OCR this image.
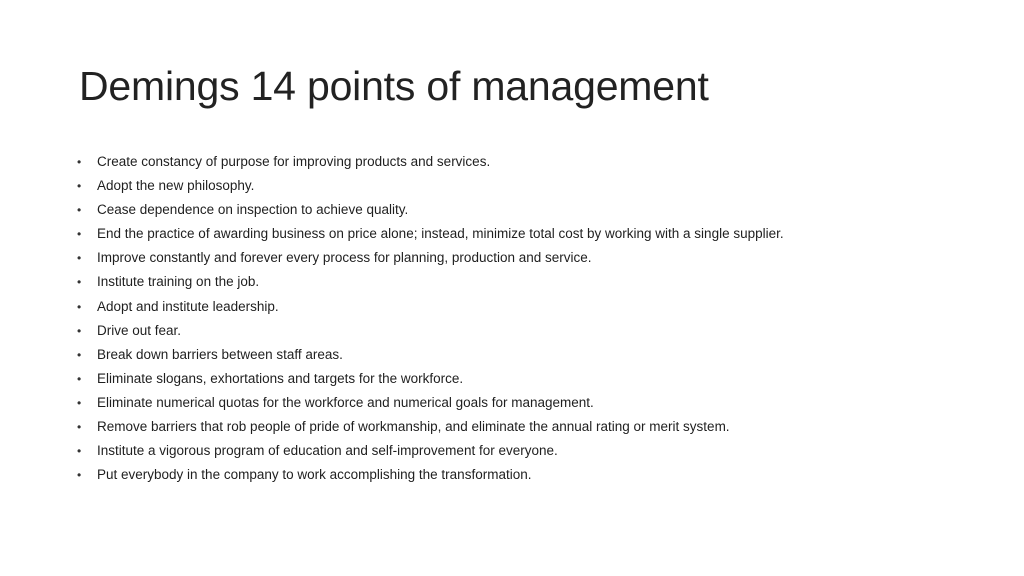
Demings 14 points of management
•	Create constancy of purpose for improving products and services.
•	Adopt the new philosophy.
•	Cease dependence on inspection to achieve quality.
•	End the practice of awarding business on price alone; instead, minimize total cost by working with a single supplier.
•	Improve constantly and forever every process for planning, production and service.
•	Institute training on the job.
•	Adopt and institute leadership.
•	Drive out fear.
•	Break down barriers between staff areas.
•	Eliminate slogans, exhortations and targets for the workforce.
•	Eliminate numerical quotas for the workforce and numerical goals for management.
•	Remove barriers that rob people of pride of workmanship, and eliminate the annual rating or merit system.
•	Institute a vigorous program of education and self-improvement for everyone.
•	Put everybody in the company to work accomplishing the transformation.
